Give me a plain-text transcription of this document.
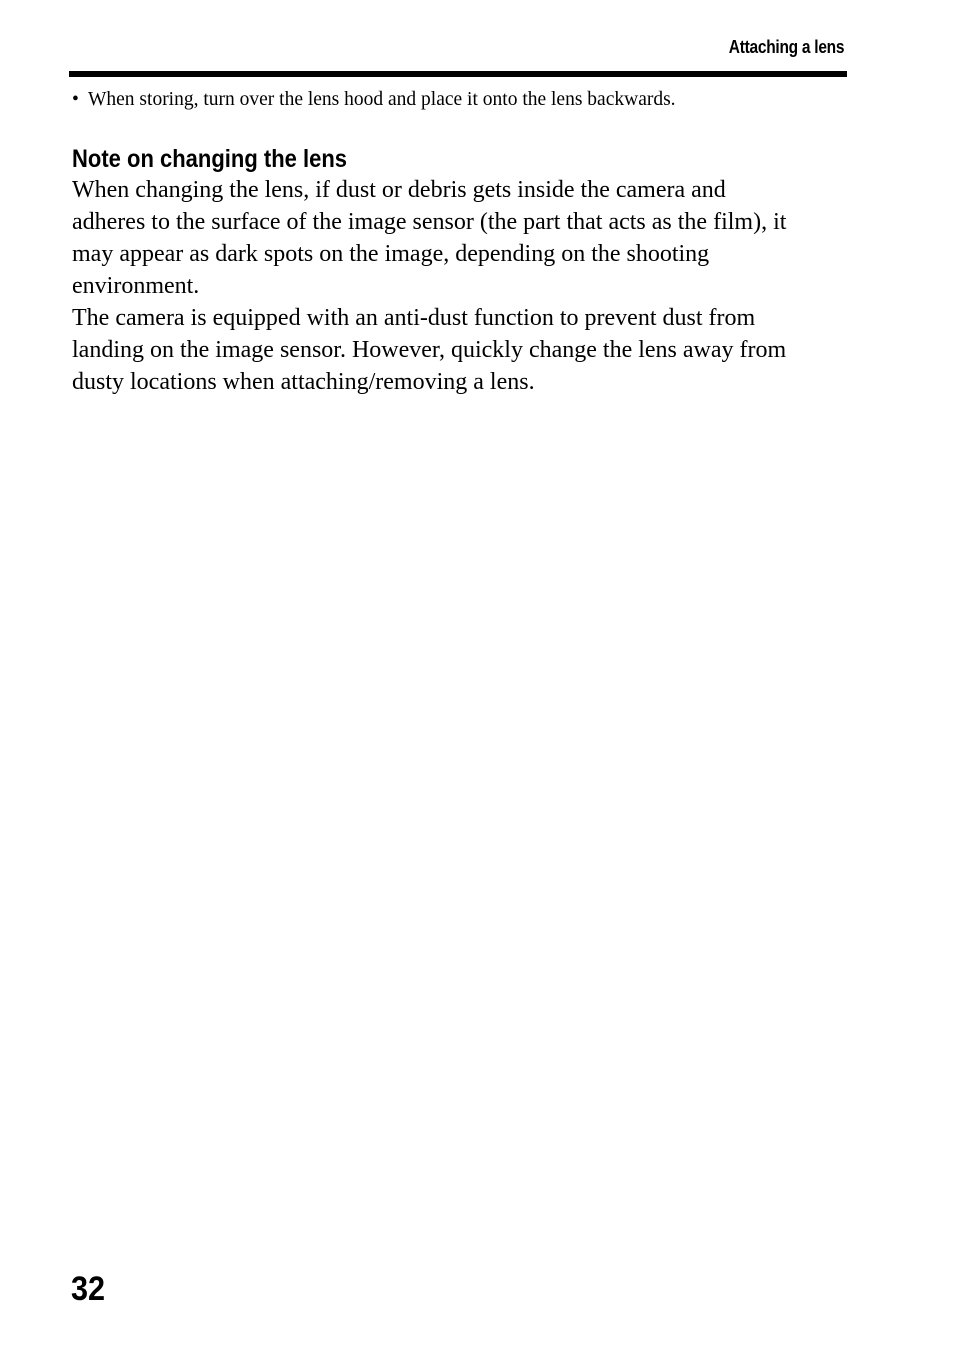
Attaching a lens
• When storing, turn over the lens hood and place it onto the lens backwards.
Note on changing the lens
When changing the lens, if dust or debris gets inside the camera and
adheres to the surface of the image sensor (the part that acts as the film), it
may appear as dark spots on the image, depending on the shooting
environment.
The camera is equipped with an anti-dust function to prevent dust from
landing on the image sensor. However, quickly change the lens away from
dusty locations when attaching/removing a lens.
32
